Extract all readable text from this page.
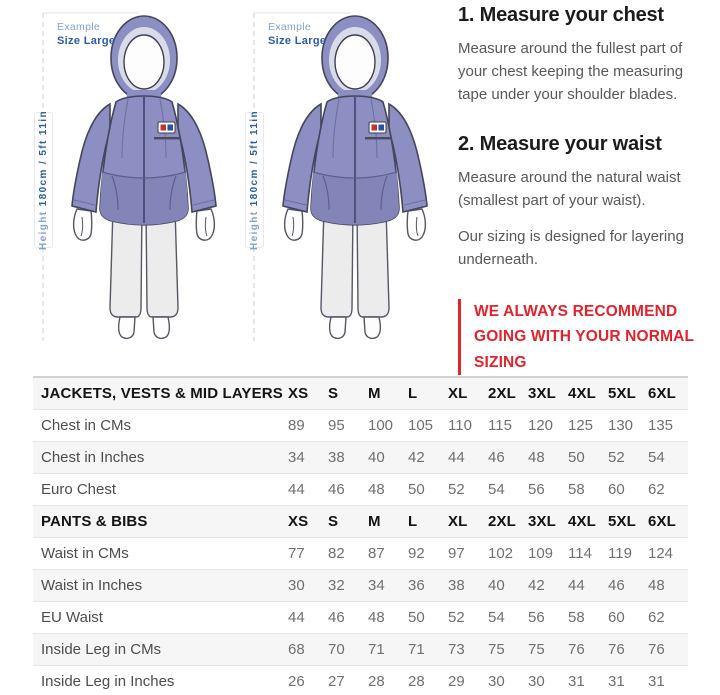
Example
Size Large
Height 180cm / 5ft 11in
Example
Size Large
Height 180cm / 5ft 11in
1. Measure your chest

Measure around the fullest part of your chest keeping the measuring tape under your shoulder blades.

2. Measure your waist

Measure around the natural waist (smallest part of your waist).

Our sizing is designed for layering underneath.

WE ALWAYS RECOMMEND GOING WITH YOUR NORMAL SIZING
JACKETS, VESTS & MID LAYERS	XS	S	M	L	XL	2XL	3XL	4XL	5XL	6XL
Chest in CMs	89	95	100	105	110	115	120	125	130	135
Chest in Inches	34	38	40	42	44	46	48	50	52	54
Euro Chest	44	46	48	50	52	54	56	58	60	62
PANTS & BIBS	XS	S	M	L	XL	2XL	3XL	4XL	5XL	6XL
Waist in CMs	77	82	87	92	97	102	109	114	119	124
Waist in Inches	30	32	34	36	38	40	42	44	46	48
EU Waist	44	46	48	50	52	54	56	58	60	62
Inside Leg in CMs	68	70	71	71	73	75	75	76	76	76
Inside Leg in Inches	26	27	28	28	29	30	30	31	31	31
